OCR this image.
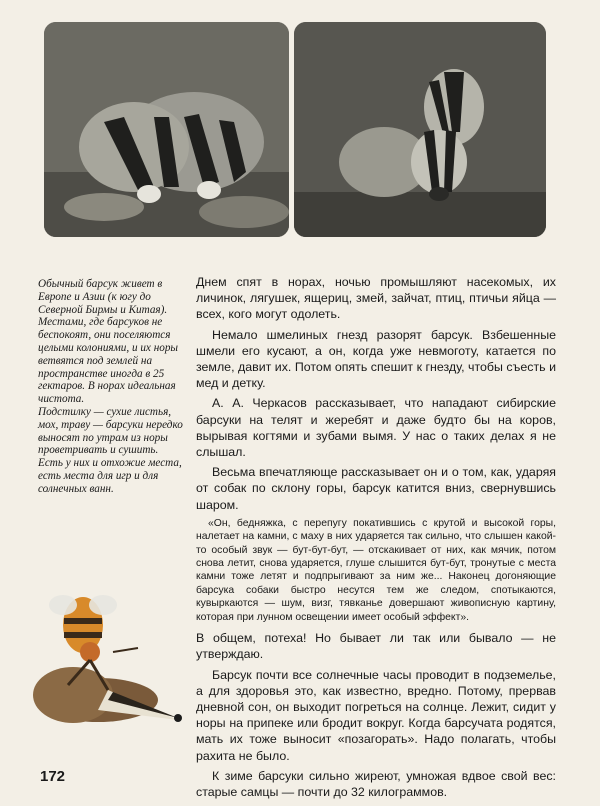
Обычный барсук живет в Европе и Азии (к югу до Северной Бирмы и Китая).

Местами, где барсуков не беспокоят, они поселяются целыми колониями, и их норы ветвятся под землей на пространстве иногда в 25 гектаров. В норах идеальная чистота.

Подстилку — сухие листья, мох, траву — барсуки нередко выносят по утрам из норы проветривать и сушить.

Есть у них и отхожие места, есть места для игр и для солнечных ванн.

Днем спят в норах, ночью промышляют насекомых, их личинок, лягушек, ящериц, змей, зайчат, птиц, птичьи яйца — всех, кого могут одолеть.

Немало шмелиных гнезд разорят барсук. Взбешенные шмели его кусают, а он, когда уже невмоготу, катается по земле, давит их. Потом опять спешит к гнезду, чтобы съесть и мед и детку.

А. А. Черкасов рассказывает, что нападают сибирские барсуки на телят и жеребят и даже будто бы на коров, вырывая когтями и зубами вымя. У нас о таких делах я не слышал.

Весьма впечатляюще рассказывает он и о том, как, ударяя от собак по склону горы, барсук катится вниз, свернувшись шаром.

«Он, бедняжка, с перепугу покатившись с крутой и высокой горы, налетает на камни, с маху в них ударяется так сильно, что слышен какой-то особый звук — бут-бут-бут, — отскакивает от них, как мячик, потом снова летит, снова ударяется, глуше слышится бут-бут, тронутые с места камни тоже летят и подпрыгивают за ним же... Наконец догоняющие барсука собаки быстро несутся тем же следом, спотыкаются, кувыркаются — шум, визг, тявканье довершают живописную картину, которая при лунном освещении имеет особый эффект».

В общем, потеха! Но бывает ли так или бывало — не утверждаю.

Барсук почти все солнечные часы проводит в подземелье, а для здоровья это, как известно, вредно. Потому, прервав дневной сон, он выходит погреться на солнце. Лежит, сидит у норы на припеке или бродит вокруг. Когда барсучата родятся, мать их тоже выносит «позагорать». Надо полагать, чтобы рахита не было.

К зиме барсуки сильно жиреют, умножая вдвое свой вес: старые самцы — почти до 32 килограммов.

172
